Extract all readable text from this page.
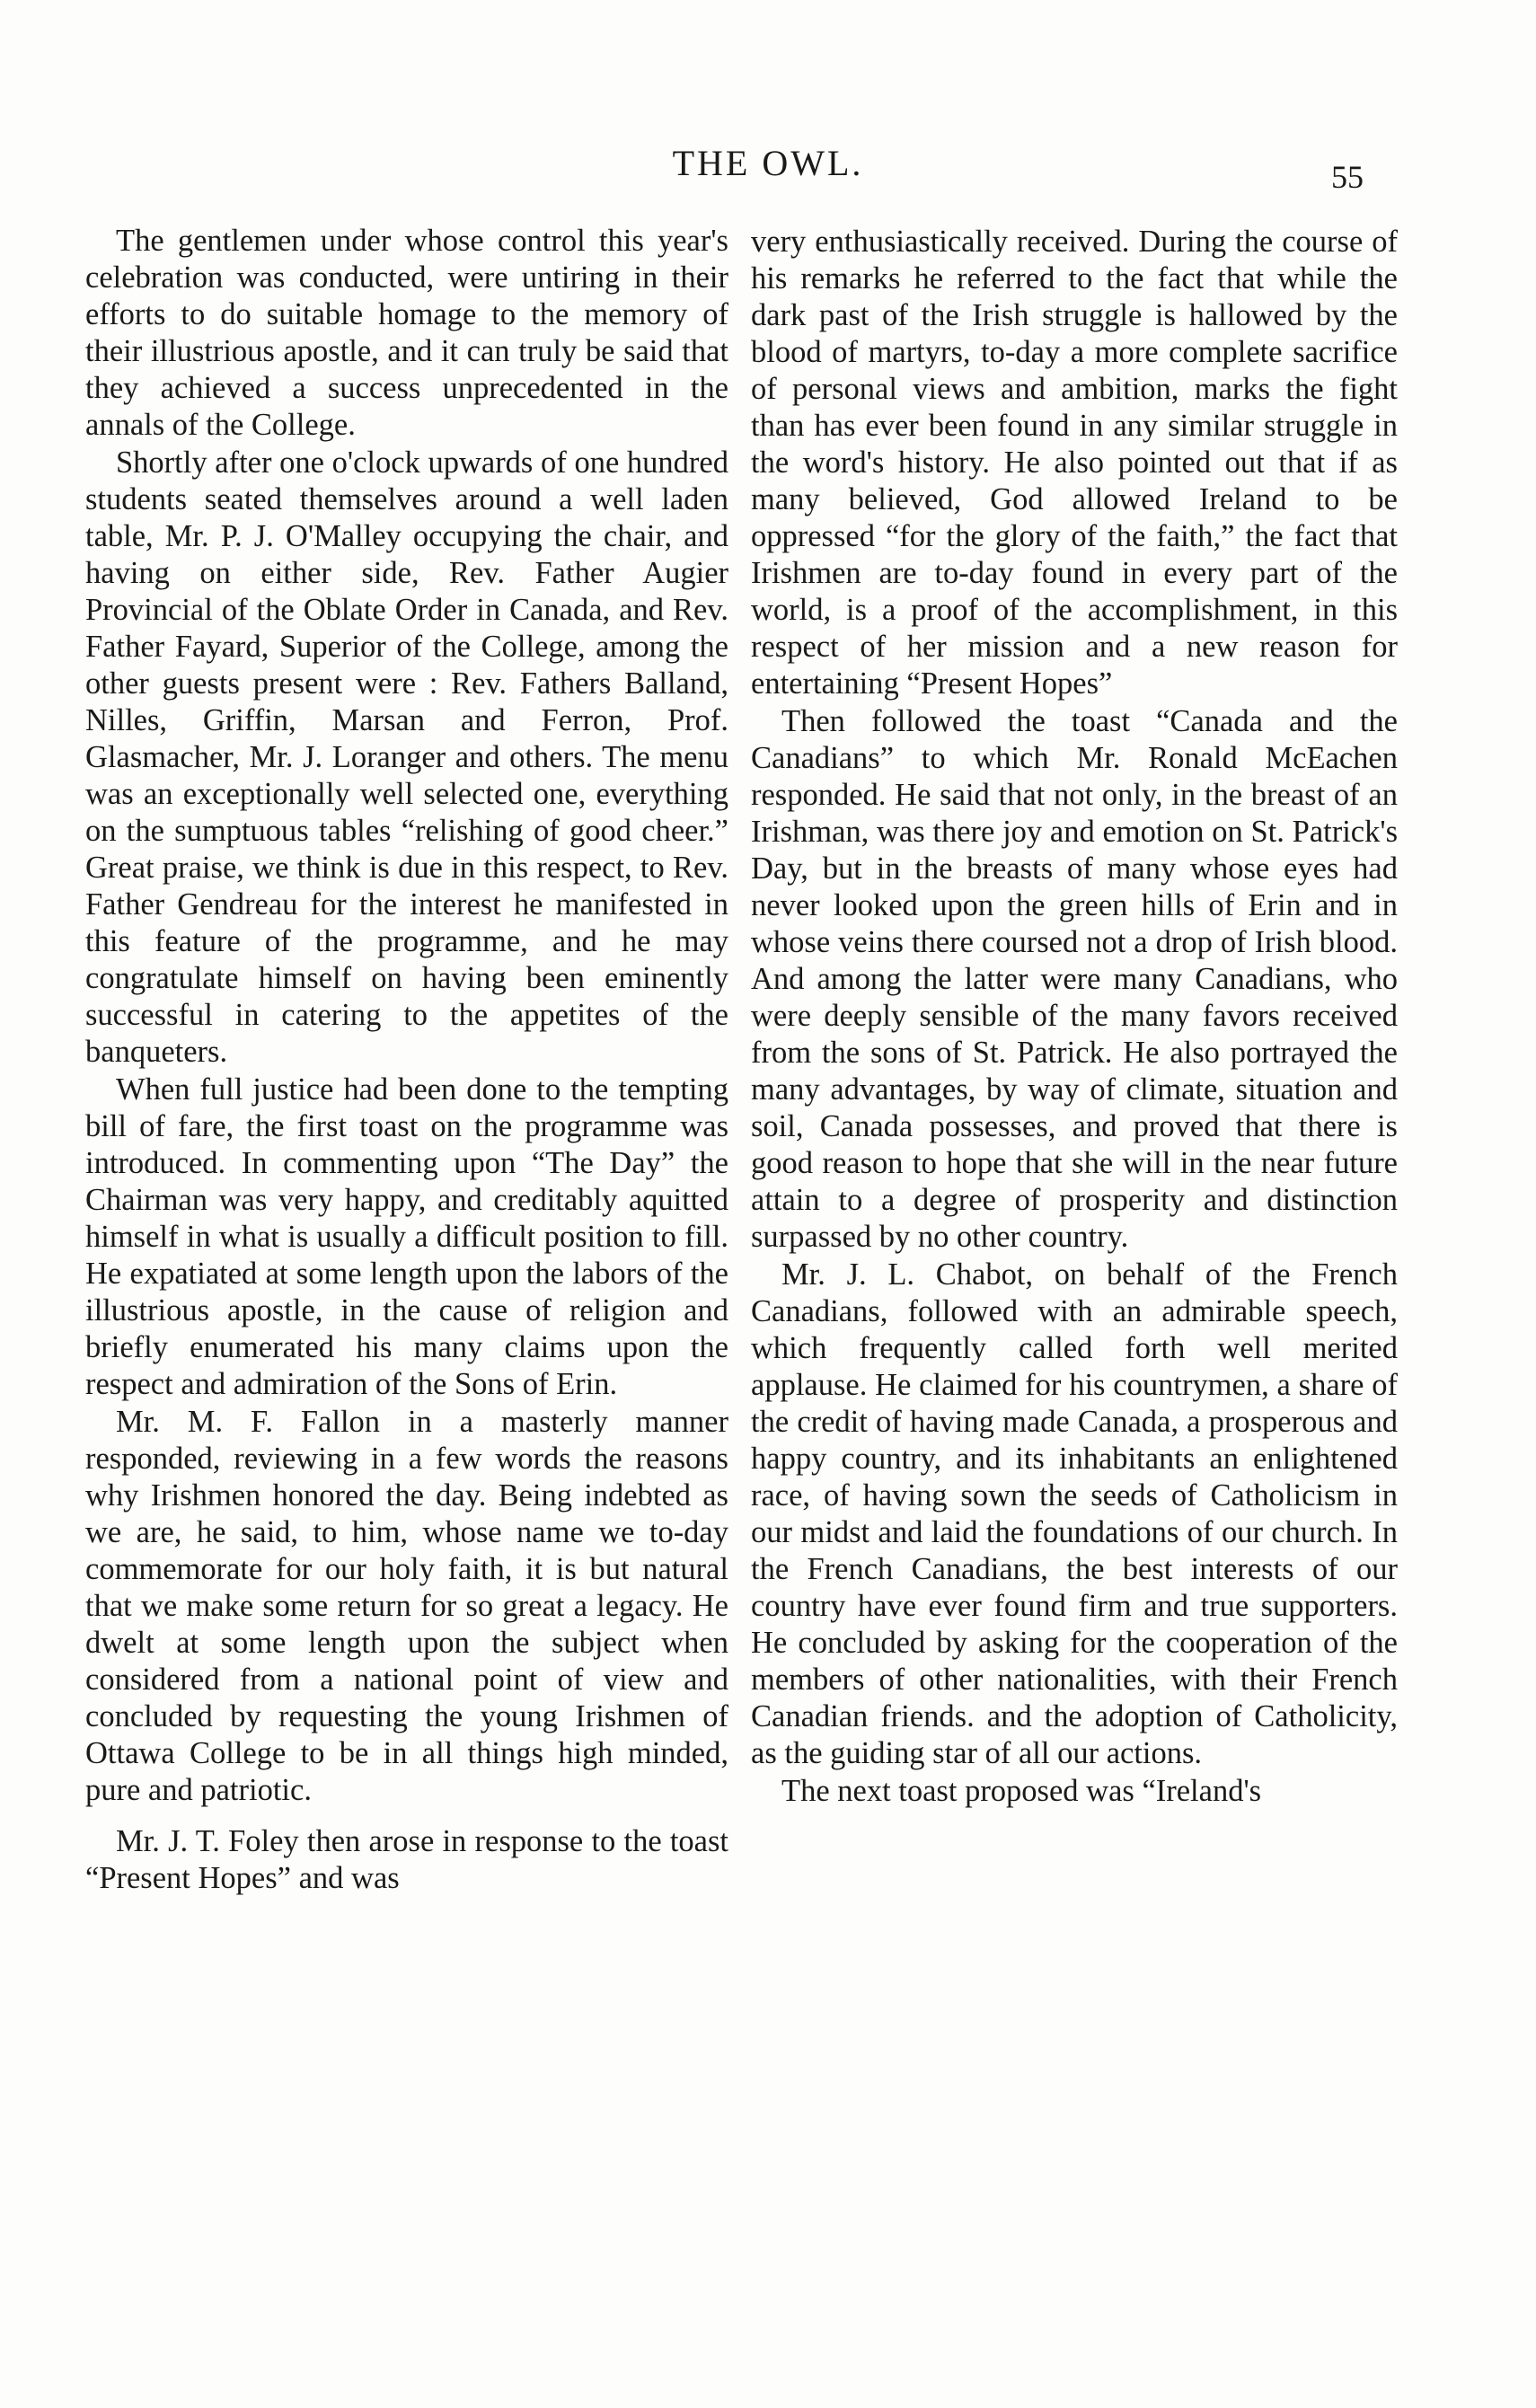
THE OWL.	55

The gentlemen under whose control this year's celebration was conducted, were untiring in their efforts to do suitable homage to the memory of their illustrious apostle, and it can truly be said that they achieved a success unprecedented in the annals of the College.

Shortly after one o'clock upwards of one hundred students seated themselves around a well laden table, Mr. P. J. O'Malley occupying the chair, and having on either side, Rev. Father Augier Provincial of the Oblate Order in Canada, and Rev. Father Fayard, Superior of the College, among the other guests present were : Rev. Fathers Balland, Nilles, Griffin, Marsan and Ferron, Prof. Glasmacher, Mr. J. Loranger and others. The menu was an exceptionally well selected one, everything on the sumptuous tables “relishing of good cheer.” Great praise, we think is due in this respect, to Rev. Father Gendreau for the interest he manifested in this feature of the programme, and he may congratulate himself on having been eminently successful in catering to the appetites of the banqueters.

When full justice had been done to the tempting bill of fare, the first toast on the programme was introduced. In commenting upon “The Day” the Chairman was very happy, and creditably aquitted himself in what is usually a difficult position to fill. He expatiated at some length upon the labors of the illustrious apostle, in the cause of religion and briefly enumerated his many claims upon the respect and admiration of the Sons of Erin.

Mr. M. F. Fallon in a masterly manner responded, reviewing in a few words the reasons why Irishmen honored the day. Being indebted as we are, he said, to him, whose name we to-day commemorate for our holy faith, it is but natural that we make some return for so great a legacy. He dwelt at some length upon the subject when considered from a national point of view and concluded by requesting the young Irishmen of Ottawa College to be in all things high minded, pure and patriotic.

Mr. J. T. Foley then arose in response to the toast “Present Hopes” and was

very enthusiastically received. During the course of his remarks he referred to the fact that while the dark past of the Irish struggle is hallowed by the blood of martyrs, to-day a more complete sacrifice of personal views and ambition, marks the fight than has ever been found in any similar struggle in the word's history. He also pointed out that if as many believed, God allowed Ireland to be oppressed “for the glory of the faith,” the fact that Irishmen are to-day found in every part of the world, is a proof of the accomplishment, in this respect of her mission and a new reason for entertaining “Present Hopes”

Then followed the toast “Canada and the Canadians” to which Mr. Ronald McEachen responded. He said that not only, in the breast of an Irishman, was there joy and emotion on St. Patrick's Day, but in the breasts of many whose eyes had never looked upon the green hills of Erin and in whose veins there coursed not a drop of Irish blood. And among the latter were many Canadians, who were deeply sensible of the many favors received from the sons of St. Patrick. He also portrayed the many advantages, by way of climate, situation and soil, Canada possesses, and proved that there is good reason to hope that she will in the near future attain to a degree of prosperity and distinction surpassed by no other country.

Mr. J. L. Chabot, on behalf of the French Canadians, followed with an admirable speech, which frequently called forth well merited applause. He claimed for his countrymen, a share of the credit of having made Canada, a prosperous and happy country, and its inhabitants an enlightened race, of having sown the seeds of Catholicism in our midst and laid the foundations of our church. In the French Canadians, the best interests of our country have ever found firm and true supporters. He concluded by asking for the cooperation of the members of other nationalities, with their French Canadian friends. and the adoption of Catholicity, as the guiding star of all our actions.

The next toast proposed was “Ireland's
